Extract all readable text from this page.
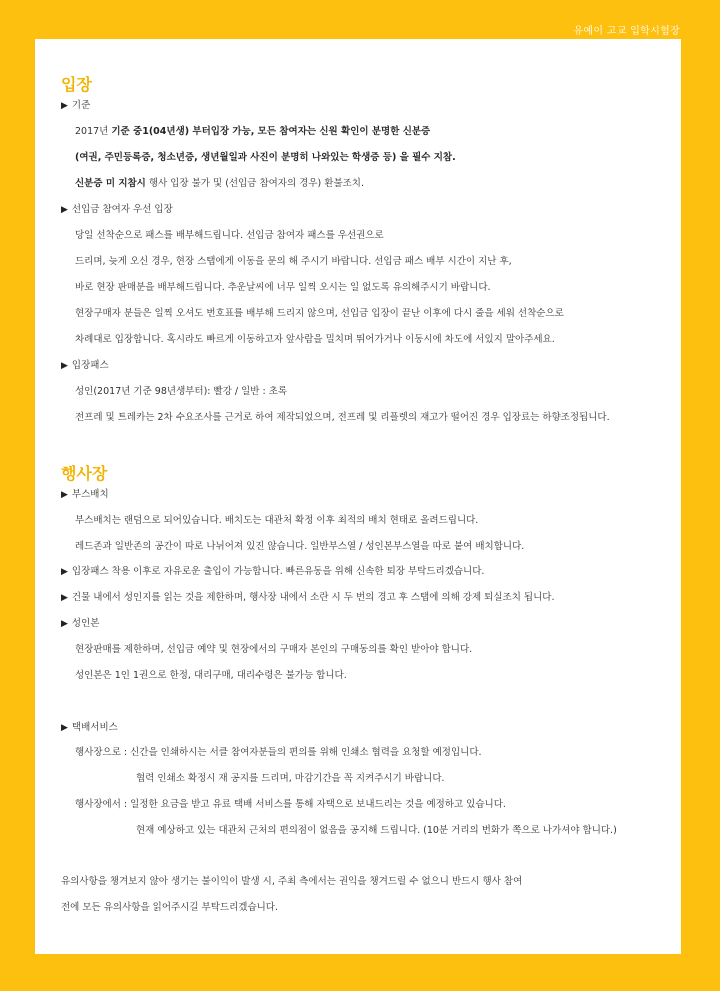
유예이 고교 입학시험장
입장
▶ 기준
2017년 기준 중1(04년생) 부터입장 가능, 모든 참여자는 신원 확인이 분명한 신분증
(여권, 주민등록증, 청소년증, 생년월일과 사진이 분명히 나와있는 학생증 등) 을 필수 지참.
신분증 미 지참시 행사 입장 불가 및 (선입금 참여자의 경우) 환불조치.
▶ 선입금 참여자 우선 입장
당일 선착순으로 패스를 배부해드립니다. 선입금 참여자 패스를 우선권으로
드리며, 늦게 오신 경우, 현장 스탭에게 이동을 문의 해 주시기 바랍니다. 선입금 패스 배부 시간이 지난 후,
바로 현장 판매분을 배부해드립니다. 추운날씨에 너무 일찍 오시는 일 없도록 유의해주시기 바랍니다.
현장구매자 분들은 일찍 오셔도 번호표를 배부해 드리지 않으며, 선입금 입장이 끝난 이후에 다시 줄을 세워 선착순으로
차례대로 입장합니다. 혹시라도 빠르게 이동하고자 앞사람을 밀치며 뛰어가거나 이동시에 차도에 서있지 말아주세요.
▶ 입장패스
성인(2017년 기준 98년생부터): 빨강 / 일반 : 초록
전프레 및 트레카는 2차 수요조사를 근거로 하여 제작되었으며, 전프레 및 리플렛의 재고가 떨어진 경우 입장료는 하향조정됩니다.
행사장
▶ 부스배치
부스배치는 랜덤으로 되어있습니다. 배치도는 대관처 확정 이후 최적의 배치 현태로 올려드립니다.
레드존과 일반존의 공간이 따로 나뉘어져 있진 않습니다. 일반부스열 / 성인본부스열을 따로 붙여 배치합니다.
▶ 입장패스 착용 이후로 자유로운 출입이 가능합니다. 빠른유동을 위해 신속한 퇴장 부탁드리겠습니다.
▶ 건물 내에서 성인지를 읽는 것을 제한하며, 행사장 내에서 소란 시 두 번의 경고 후 스탭에 의해 강제 퇴실조치 됩니다.
▶ 성인본
현장판매를 제한하며, 선입금 예약 및 현장에서의 구매자 본인의 구매동의를 확인 받아야 합니다.
성인본은 1인 1권으로 한정, 대리구매, 대리수령은 불가능 합니다.
▶ 택배서비스
행사장으로 : 신간을 인쇄하시는 서클 참여자분들의 편의를 위해 인쇄소 협력을 요청할 예정입니다.
협력 인쇄소 확정시 재 공지를 드리며, 마감기간을 꼭 지켜주시기 바랍니다.
행사장에서 : 일정한 요금을 받고 유료 택배 서비스를 통해 자택으로 보내드리는 것을 예정하고 있습니다.
현재 예상하고 있는 대관처 근처의 편의점이 없음을 공지해 드립니다. (10분 거리의 번화가 쪽으로 나가셔야 합니다.)
유의사항을 챙겨보지 않아 생기는 불이익이 발생 시, 주최 측에서는 권익을 챙겨드릴 수 없으니 반드시 행사 참여
전에 모든 유의사항을 읽어주시길 부탁드리겠습니다.
